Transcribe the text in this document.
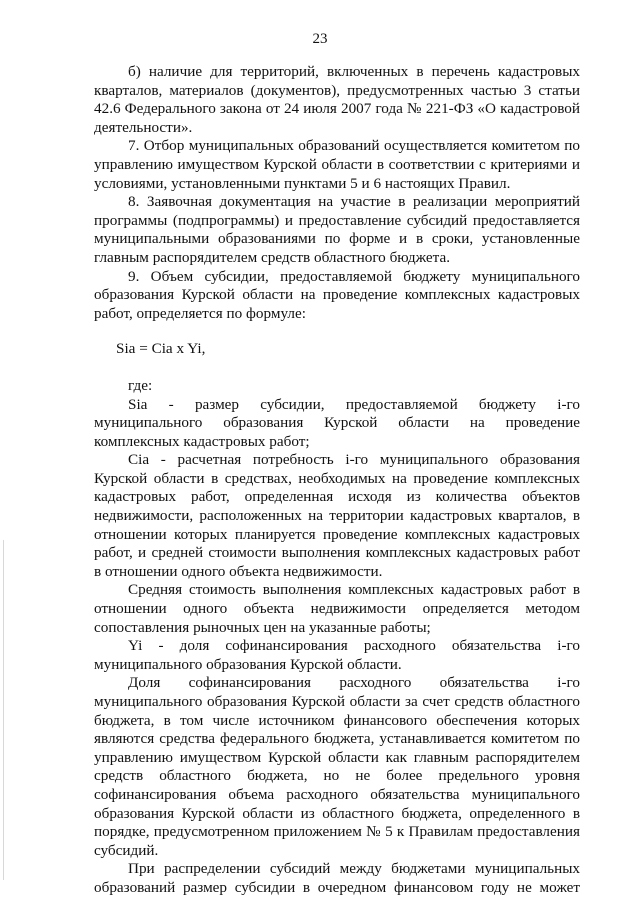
23

б) наличие для территорий, включенных в перечень кадастровых кварталов, материалов (документов), предусмотренных частью 3 статьи 42.6 Федерального закона от 24 июля 2007 года № 221-ФЗ «О кадастровой деятельности».

7. Отбор муниципальных образований осуществляется комитетом по управлению имуществом Курской области в соответствии с критериями и условиями, установленными пунктами 5 и 6 настоящих Правил.

8. Заявочная документация на участие в реализации мероприятий программы (подпрограммы) и предоставление субсидий предоставляется муниципальными образованиями по форме и в сроки, установленные главным распорядителем средств областного бюджета.

9. Объем субсидии, предоставляемой бюджету муниципального образования Курской области на проведение комплексных кадастровых работ, определяется по формуле:

Sia = Cia x Yi,

где:

Sia - размер субсидии, предоставляемой бюджету i-го муниципального образования Курской области на проведение комплексных кадастровых работ;

Cia - расчетная потребность i-го муниципального образования Курской области в средствах, необходимых на проведение комплексных кадастровых работ, определенная исходя из количества объектов недвижимости, расположенных на территории кадастровых кварталов, в отношении которых планируется проведение комплексных кадастровых работ, и средней стоимости выполнения комплексных кадастровых работ в отношении одного объекта недвижимости.

Средняя стоимость выполнения комплексных кадастровых работ в отношении одного объекта недвижимости определяется методом сопоставления рыночных цен на указанные работы;

Yi - доля софинансирования расходного обязательства i-го муниципального образования Курской области.

Доля софинансирования расходного обязательства i-го муниципального образования Курской области за счет средств областного бюджета, в том числе источником финансового обеспечения которых являются средства федерального бюджета, устанавливается комитетом по управлению имуществом Курской области как главным распорядителем средств областного бюджета, но не более предельного уровня софинансирования объема расходного обязательства муниципального образования Курской области из областного бюджета, определенного в порядке, предусмотренном приложением № 5 к Правилам предоставления субсидий.

При распределении субсидий между бюджетами муниципальных образований размер субсидии в очередном финансовом году не может
